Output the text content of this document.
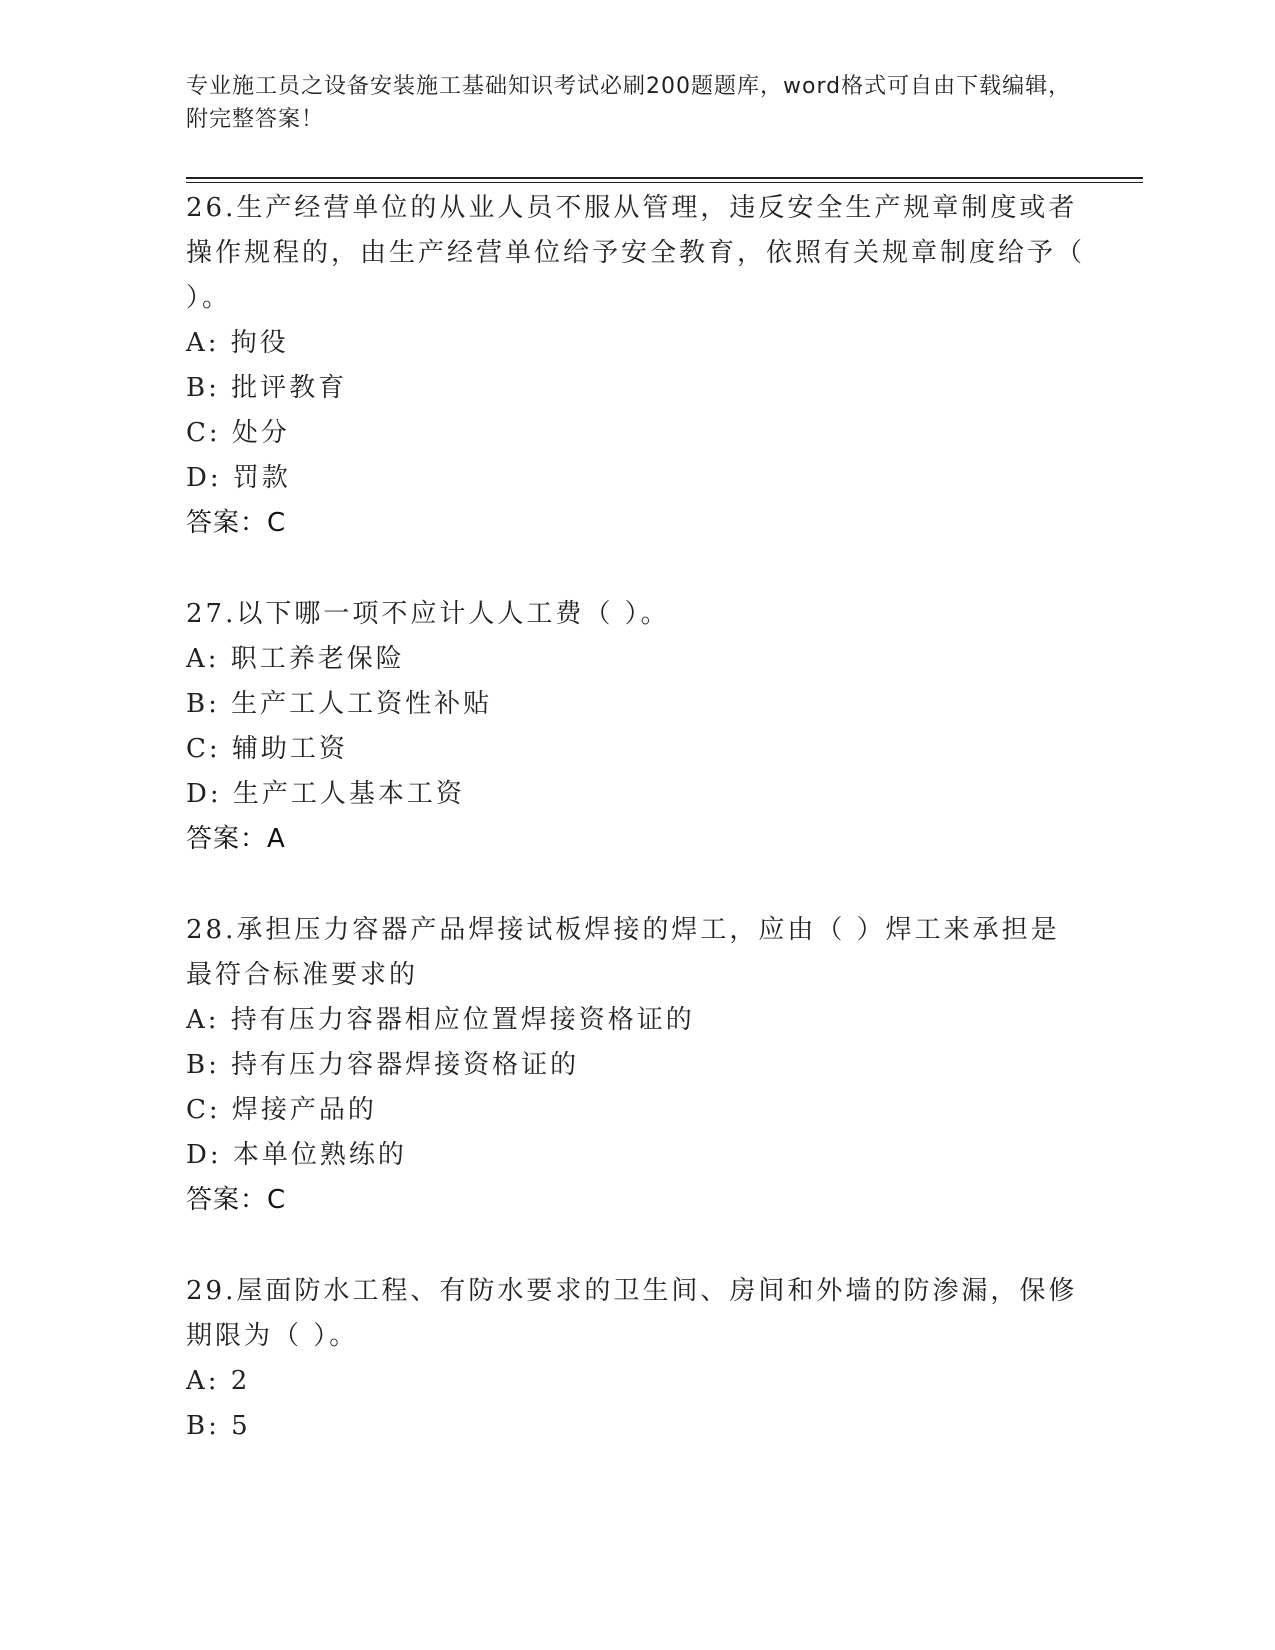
专业施工员之设备安装施工基础知识考试必刷200题题库，word格式可自由下载编辑，附完整答案！
26.生产经营单位的从业人员不服从管理，违反安全生产规章制度或者操作规程的，由生产经营单位给予安全教育，依照有关规章制度给予（ ）。
A: 拘役
B: 批评教育
C: 处分
D: 罚款
答案：C
27.以下哪一项不应计人人工费（ ）。
A: 职工养老保险
B: 生产工人工资性补贴
C: 辅助工资
D: 生产工人基本工资
答案：A
28.承担压力容器产品焊接试板焊接的焊工，应由（ ）焊工来承担是最符合标准要求的
A: 持有压力容器相应位置焊接资格证的
B: 持有压力容器焊接资格证的
C: 焊接产品的
D: 本单位熟练的
答案：C
29.屋面防水工程、有防水要求的卫生间、房间和外墙的防渗漏，保修期限为（ ）。
A: 2
B: 5
